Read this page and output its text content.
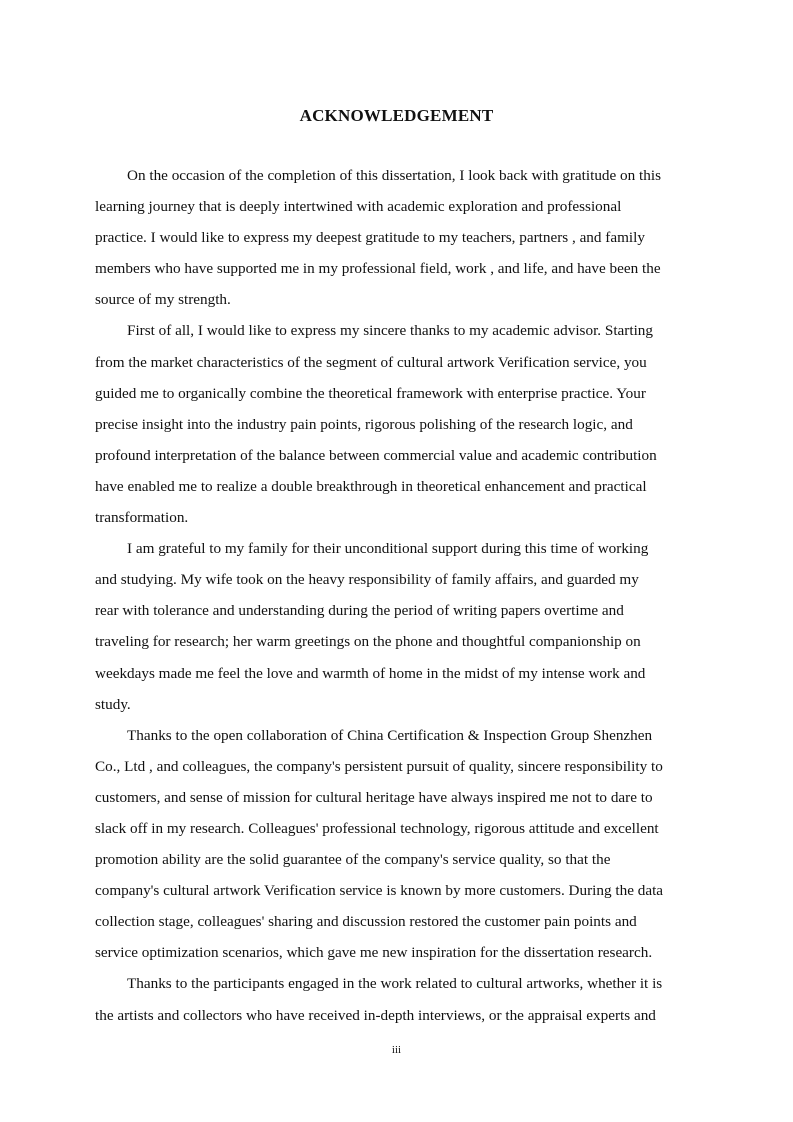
ACKNOWLEDGEMENT
On the occasion of the completion of this dissertation, I look back with gratitude on this
learning journey that is deeply intertwined with academic exploration and professional
practice. I would like to express my deepest gratitude to my teachers, partners , and family
members who have supported me in my professional field, work , and life, and have been the
source of my strength.
First of all, I would like to express my sincere thanks to my academic advisor. Starting
from the market characteristics of the segment of cultural artwork Verification service, you
guided me to organically combine the theoretical framework with enterprise practice. Your
precise insight into the industry pain points, rigorous polishing of the research logic, and
profound interpretation of the balance between commercial value and academic contribution
have enabled me to realize a double breakthrough in theoretical enhancement and practical
transformation.
I am grateful to my family for their unconditional support during this time of working
and studying. My wife took on the heavy responsibility of family affairs, and guarded my
rear with tolerance and understanding during the period of writing papers overtime and
traveling for research; her warm greetings on the phone and thoughtful companionship on
weekdays made me feel the love and warmth of home in the midst of my intense work and
study.
Thanks to the open collaboration of China Certification & Inspection Group Shenzhen
Co., Ltd , and colleagues, the company's persistent pursuit of quality, sincere responsibility to
customers, and sense of mission for cultural heritage have always inspired me not to dare to
slack off in my research. Colleagues' professional technology, rigorous attitude and excellent
promotion ability are the solid guarantee of the company's service quality, so that the
company's cultural artwork Verification service is known by more customers. During the data
collection stage, colleagues' sharing and discussion restored the customer pain points and
service optimization scenarios, which gave me new inspiration for the dissertation research.
Thanks to the participants engaged in the work related to cultural artworks, whether it is
the artists and collectors who have received in-depth interviews, or the appraisal experts and
iii
